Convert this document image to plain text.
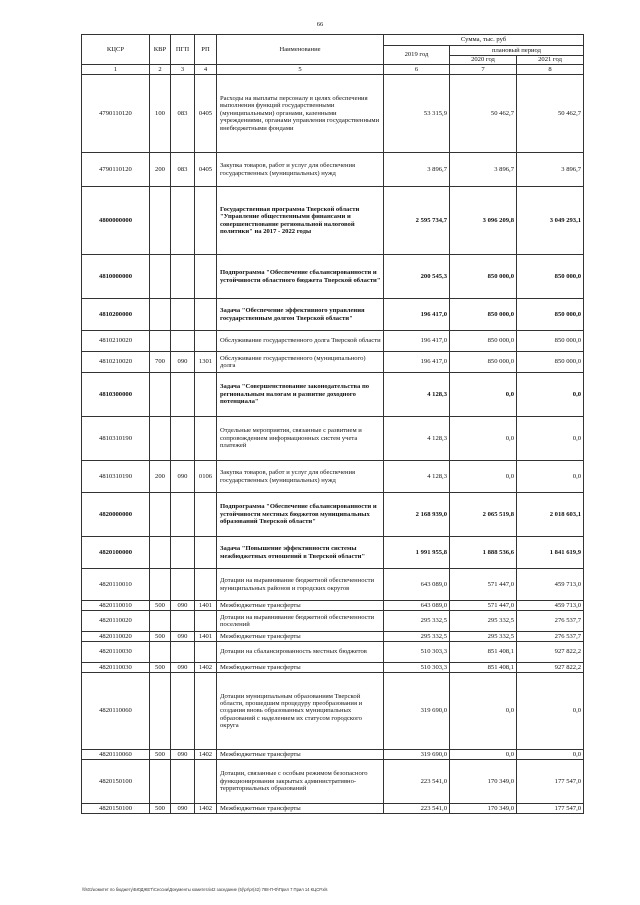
66
КЦСР	КВР	ПГП	РП	Наименование	Сумма, тыс. руб		
					2019 год	плановый период	
						2020 год	2021 год
1	2	3	4	5	6	7	8
4790110120	100	083	0405	Расходы на выплаты персоналу в целях обеспечения выполнения функций государственными (муниципальными) органами, казенными учреждениями, органами управления государственными внебюджетными фондами	53 315,9	50 462,7	50 462,7
4790110120	200	083	0405	Закупка товаров, работ и услуг для обеспечения государственных (муниципальных) нужд	3 896,7	3 896,7	3 896,7
4800000000				Государственная программа Тверской области "Управление общественными финансами и совершенствование региональной налоговой политики" на 2017 - 2022 годы	2 595 734,7	3 096 209,8	3 049 293,1
4810000000				Подпрограмма "Обеспечение сбалансированности и устойчивости областного бюджета Тверской области"	200 545,3	850 000,0	850 000,0
4810200000				Задача "Обеспечение эффективного управления государственным долгом Тверской области"	196 417,0	850 000,0	850 000,0
4810210020				Обслуживание государственного долга Тверской области	196 417,0	850 000,0	850 000,0
4810210020	700	090	1301	Обслуживание государственного (муниципального) долга	196 417,0	850 000,0	850 000,0
4810300000				Задача "Совершенствование законодательства по региональным налогам и развитие доходного потенциала"	4 128,3	0,0	0,0
4810310190				Отдельные мероприятия, связанные с развитием и сопровождением информационных систем учета платежей	4 128,3	0,0	0,0
4810310190	200	090	0106	Закупка товаров, работ и услуг для обеспечения государственных (муниципальных) нужд	4 128,3	0,0	0,0
4820000000				Подпрограмма "Обеспечение сбалансированности и устойчивости местных бюджетов муниципальных образований Тверской области"	2 168 939,0	2 065 519,8	2 018 603,1
4820100000				Задача "Повышение эффективности системы межбюджетных отношений в Тверской области"	1 991 955,8	1 888 536,6	1 841 619,9
4820110010				Дотации на выравнивание бюджетной обеспеченности муниципальных районов и городских округов	643 089,0	571 447,0	459 713,0
4820110010	500	090	1401	Межбюджетные трансферты	643 089,0	571 447,0	459 713,0
4820110020				Дотации на выравнивание бюджетной обеспеченности поселений	295 332,5	295 332,5	276 537,7
4820110020	500	090	1401	Межбюджетные трансферты	295 332,5	295 332,5	276 537,7
4820110030				Дотации на сбалансированность местных бюджетов	510 303,3	851 408,1	927 822,2
4820110030	500	090	1402	Межбюджетные трансферты	510 303,3	851 408,1	927 822,2
4820110060				Дотации муниципальным образованиям Тверской области, прошедшим процедуру преобразования и создания вновь образованных муниципальных образований с наделением их статусом городского округа	319 690,0	0,0	0,0
4820110060	500	090	1402	Межбюджетные трансферты	319 690,0	0,0	0,0
4820150100				Дотации, связанные с особым режимом безопасного функционирования закрытых административно-территориальных образований	223 541,0	170 349,0	177 547,0
4820150100	500	090	1402	Межбюджетные трансферты	223 541,0	170 349,0	177 547,0
\\fs01\комитет по бюджету\БЮДЖЕТ\Сессии\Документы комитета\42 заседание (5)\pr\pr(42) 788-П-Ф\Прил 7 Прил 14 КЦСР.xls
